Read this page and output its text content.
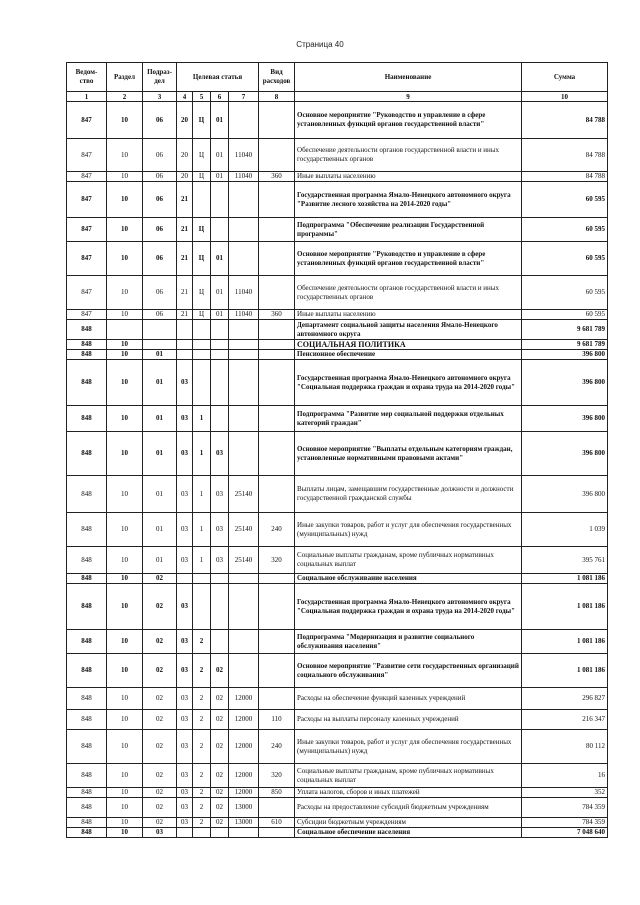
Страница 40
Ведом-ство	Раздел	Подраз-дел	Целевая статья				Вид расходов	Наименование	Сумма
1	2	3	4	5	6	7	8	9	10
847	10	06	20	Ц	01			Основное мероприятие "Руководство и управление в сфере установленных функций органов государственной власти"	84 788
847	10	06	20	Ц	01	11040		Обеспечение деятельности органов государственной власти и иных государственных органов	84 788
847	10	06	20	Ц	01	11040	360	Иные выплаты населению	84 788
847	10	06	21					Государственная программа Ямало-Ненецкого автономного округа "Развитие лесного хозяйства на 2014-2020 годы"	60 595
847	10	06	21	Ц				Подпрограмма "Обеспечение реализации Государственной программы"	60 595
847	10	06	21	Ц	01			Основное мероприятие "Руководство и управление в сфере установленных функций органов государственной власти"	60 595
847	10	06	21	Ц	01	11040		Обеспечение деятельности органов государственной власти и иных государственных органов	60 595
847	10	06	21	Ц	01	11040	360	Иные выплаты населению	60 595
848								Департамент социальной защиты населения Ямало-Ненецкого автономного округа	9 681 789
848	10							СОЦИАЛЬНАЯ ПОЛИТИКА	9 681 789
848	10	01						Пенсионное обеспечение	396 800
848	10	01	03					Государственная программа Ямало-Ненецкого автономного округа "Социальная поддержка граждан и охрана труда на 2014-2020 годы"	396 800
848	10	01	03	1				Подпрограмма "Развитие мер социальной поддержки отдельных категорий граждан"	396 800
848	10	01	03	1	03			Основное мероприятие "Выплаты отдельным категориям граждан, установленные нормативными правовыми актами"	396 800
848	10	01	03	1	03	25140		Выплаты лицам, замещавшим государственные должности и должности государственной гражданской службы	396 800
848	10	01	03	1	03	25140	240	Иные закупки товаров, работ и услуг для обеспечения государственных (муниципальных) нужд	1 039
848	10	01	03	1	03	25140	320	Социальные выплаты гражданам, кроме публичных нормативных социальных выплат	395 761
848	10	02						Социальное обслуживание населения	1 081 186
848	10	02	03					Государственная программа Ямало-Ненецкого автономного округа "Социальная поддержка граждан и охрана труда на 2014-2020 годы"	1 081 186
848	10	02	03	2				Подпрограмма "Модернизация и развитие социального обслуживания населения"	1 081 186
848	10	02	03	2	02			Основное мероприятие "Развитие сети государственных организаций социального обслуживания"	1 081 186
848	10	02	03	2	02	12000		Расходы на обеспечение функций казенных учреждений	296 827
848	10	02	03	2	02	12000	110	Расходы на выплаты персоналу казенных учреждений	216 347
848	10	02	03	2	02	12000	240	Иные закупки товаров, работ и услуг для обеспечения государственных (муниципальных) нужд	80 112
848	10	02	03	2	02	12000	320	Социальные выплаты гражданам, кроме публичных нормативных социальных выплат	16
848	10	02	03	2	02	12000	850	Уплата налогов, сборов и иных платежей	352
848	10	02	03	2	02	13000		Расходы на предоставление субсидий бюджетным учреждениям	784 359
848	10	02	03	2	02	13000	610	Субсидии бюджетным учреждениям	784 359
848	10	03						Социальное обеспечение населения	7 048 640
